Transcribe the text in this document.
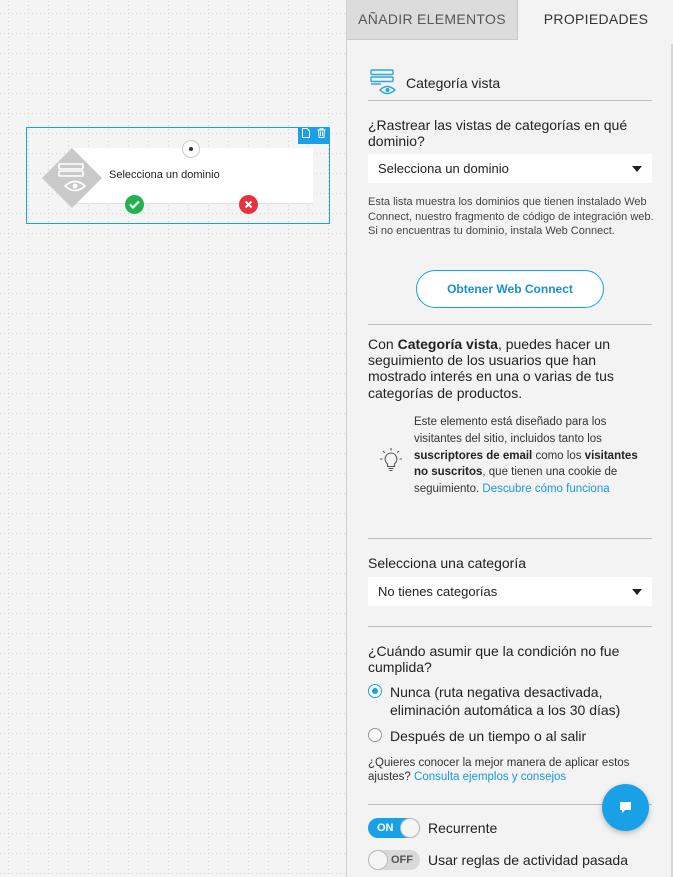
Selecciona un dominio
AÑADIR ELEMENTOS	PROPIEDADES
Categoría vista
¿Rastrear las vistas de categorías en qué dominio?
Selecciona un dominio
Esta lista muestra los dominios que tienen instalado Web Connect, nuestro fragmento de código de integración web. Si no encuentras tu dominio, instala Web Connect.
Obtener Web Connect
Con Categoría vista, puedes hacer un seguimiento de los usuarios que han mostrado interés en una o varias de tus categorías de productos.
Este elemento está diseñado para los visitantes del sitio, incluidos tanto los suscriptores de email como los visitantes no suscritos, que tienen una cookie de seguimiento. Descubre cómo funciona
Selecciona una categoría
No tienes categorías
¿Cuándo asumir que la condición no fue cumplida?
Nunca (ruta negativa desactivada, eliminación automática a los 30 días)
Después de un tiempo o al salir
¿Quieres conocer la mejor manera de aplicar estos ajustes? Consulta ejemplos y consejos
ON Recurrente
OFF Usar reglas de actividad pasada
